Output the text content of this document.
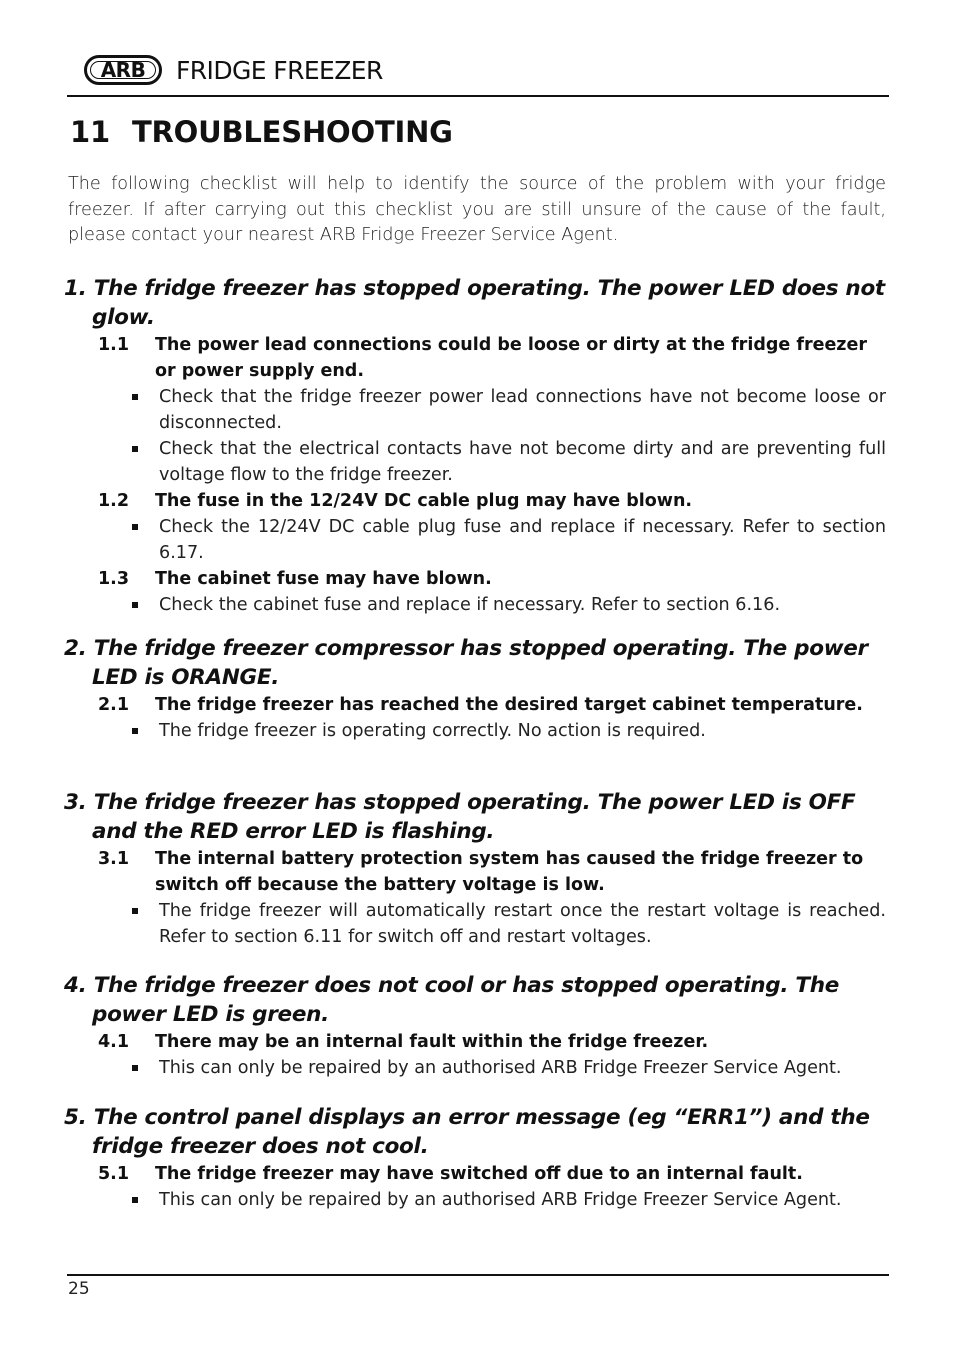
ARB FRIDGE FREEZER
11 TROUBLESHOOTING

The following checklist will help to identify the source of the problem with your fridge freezer. If after carrying out this checklist you are still unsure of the cause of the fault, please contact your nearest ARB Fridge Freezer Service Agent.

1. The fridge freezer has stopped operating. The power LED does not glow.

1.1 The power lead connections could be loose or dirty at the fridge freezer or power supply end.

Check that the fridge freezer power lead connections have not become loose or disconnected.

Check that the electrical contacts have not become dirty and are preventing full voltage flow to the fridge freezer.

1.2 The fuse in the 12/24V DC cable plug may have blown.

Check the 12/24V DC cable plug fuse and replace if necessary. Refer to section 6.17.

1.3 The cabinet fuse may have blown.

Check the cabinet fuse and replace if necessary. Refer to section 6.16.

2. The fridge freezer compressor has stopped operating. The power LED is ORANGE.

2.1 The fridge freezer has reached the desired target cabinet temperature.

The fridge freezer is operating correctly. No action is required.

3. The fridge freezer has stopped operating. The power LED is OFF and the RED error LED is flashing.

3.1 The internal battery protection system has caused the fridge freezer to switch off because the battery voltage is low.

The fridge freezer will automatically restart once the restart voltage is reached. Refer to section 6.11 for switch off and restart voltages.

4. The fridge freezer does not cool or has stopped operating. The power LED is green.

4.1 There may be an internal fault within the fridge freezer.

This can only be repaired by an authorised ARB Fridge Freezer Service Agent.

5. The control panel displays an error message (eg “ERR1”) and the fridge freezer does not cool.

5.1 The fridge freezer may have switched off due to an internal fault.

This can only be repaired by an authorised ARB Fridge Freezer Service Agent.

25
